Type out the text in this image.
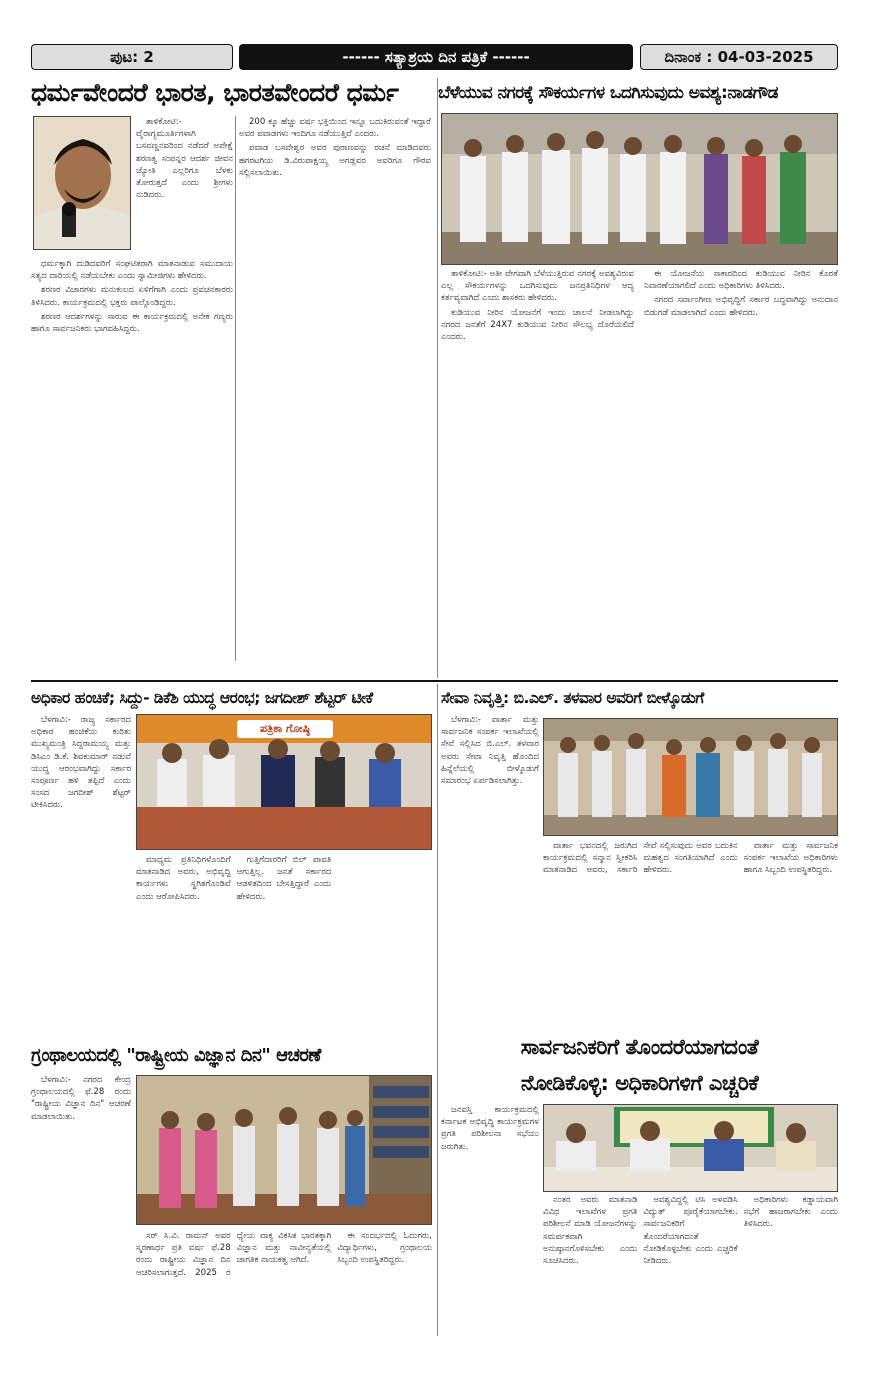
ಪುಟ: 2	------ ಸತ್ಯಾಶ್ರಯ ದಿನ ಪತ್ರಿಕೆ ------	ದಿನಾಂಕ : 04-03-2025
ಧರ್ಮವೇಂದರೆ ಭಾರತ, ಭಾರತವೇಂದರೆ ಧರ್ಮ

ತಾಳಿಕೋಟಿ:- ವೈರಾಗ್ಯಮೂರ್ತಿಗಳಾಗಿ ಬಸವಣ್ಣನವರಿಂದ ನಡೆದರೆ ಅಪೇಕ್ಷೆ ಶರಣತ್ವ ಸಂಪನ್ನರ ಆದರ್ಶ ಜೀವನ ಜ್ಯೋತಿ ಎಲ್ಲರಿಗೂ ಬೆಳಕು ತೋರುತ್ತದೆ ಎಂದು ಶ್ರೀಗಳು ನುಡಿದರು.

ಧರ್ಮಕ್ಕಾಗಿ ದುಡಿದವರಿಗೆ ಸಂಘಟಿತರಾಗಿ ಮಾತನಾಡುವ ಸಮುದಾಯ ಸತ್ಯದ ದಾರಿಯಲ್ಲಿ ನಡೆಯಬೇಕು ಎಂದು ಸ್ವಾಮೀಜಿಗಳು ಹೇಳಿದರು.

ಶರಣರ ವಿಚಾರಗಳು ಮನುಕುಲದ ಏಳಿಗೆಗಾಗಿ ಎಂದು ಪ್ರವಚನಕಾರರು ತಿಳಿಸಿದರು. ಕಾರ್ಯಕ್ರಮದಲ್ಲಿ ಭಕ್ತರು ಪಾಲ್ಗೊಂಡಿದ್ದರು.

ಶರಣರ ಆದರ್ಶಗಳನ್ನು ಸಾರುವ ಈ ಕಾರ್ಯಕ್ರಮದಲ್ಲಿ ಅನೇಕ ಗಣ್ಯರು ಹಾಗೂ ಸಾರ್ವಜನಿಕರು ಭಾಗವಹಿಸಿದ್ದರು.

200 ಕ್ಕೂ ಹೆಚ್ಚು ವರ್ಷ ಭಕ್ತಿಯಿಂದ ಇನ್ನೂ ಬದುಕಿರುವಂತೆ ಇದ್ದಾರೆ ಅವರ ಪವಾಡಗಳು ಇಂದಿಗೂ ನಡೆಯುತ್ತಿವೆ ಎಂದರು.

ಪವಾಡ ಬಸವೇಶ್ವರ ಅವರ ಪುರಾಣವನ್ನು ರಚನೆ ಮಾಡಿದವರು ಹಗರಟಗಿಯ ಡಿ.ವಿರುಪಾಕ್ಷಯ್ಯ ಅಗಡ್ಲವರ ಅವರಿಗೂ ಗೌರವ ಸಲ್ಲಿಸಲಾಯಿತು.

ಬೆಳೆಯುವ ನಗರಕ್ಕೆ ಸೌಕರ್ಯಗಳ ಒದಗಿಸುವುದು ಅವಶ್ಯ:ನಾಡಗೌಡ

ತಾಳಿಕೋಟಿ:- ಅತೀ ವೇಗವಾಗಿ ಬೆಳೆಯುತ್ತಿರುವ ನಗರಕ್ಕೆ ಅವಶ್ಯವಿರುವ ಎಲ್ಲ ಸೌಕರ್ಯಗಳನ್ನು ಒದಗಿಸುವುದು ಜನಪ್ರತಿನಿಧಿಗಳ ಆದ್ಯ ಕರ್ತವ್ಯವಾಗಿದೆ ಎಂದು ಶಾಸಕರು ಹೇಳಿದರು.

ಕುಡಿಯುವ ನೀರಿನ ಯೋಜನೆಗೆ ಇಂದು ಚಾಲನೆ ನೀಡಲಾಗಿದ್ದು ನಗರದ ಜನತೆಗೆ 24X7 ಕುಡಿಯುವ ನೀರಿನ ಸೌಲಭ್ಯ ದೊರೆಯಲಿದೆ ಎಂದರು.

ಈ ಯೋಜನೆಯ ಸಾಕಾರದಿಂದ ಕುಡಿಯುವ ನೀರಿನ ಕೊರತೆ ನಿವಾರಣೆಯಾಗಲಿದೆ ಎಂದು ಅಧಿಕಾರಿಗಳು ತಿಳಿಸಿದರು.

ನಗರದ ಸರ್ವಾಂಗೀಣ ಅಭಿವೃದ್ಧಿಗೆ ಸರ್ಕಾರ ಬದ್ಧವಾಗಿದ್ದು ಅನುದಾನ ಬಿಡುಗಡೆ ಮಾಡಲಾಗಿದೆ ಎಂದು ಹೇಳಿದರು.

ಅಧಿಕಾರ ಹಂಚಿಕೆ; ಸಿದ್ದು- ಡಿಕೆಶಿ ಯುದ್ಧ ಆರಂಭ; ಜಗದೀಶ್ ಶೆಟ್ಟರ್ ಟೀಕೆ
ಪತ್ರಿಕಾ ಗೋಷ್ಠಿ

ಬೆಳಗಾವಿ:- ರಾಜ್ಯ ಸರ್ಕಾರದ ಅಧಿಕಾರ ಹಂಚಿಕೆಯ ಕುರಿತು ಮುಖ್ಯಮಂತ್ರಿ ಸಿದ್ದರಾಮಯ್ಯ ಮತ್ತು ಡಿಸಿಎಂ ಡಿ.ಕೆ. ಶಿವಕುಮಾರ್ ನಡುವೆ ಯುದ್ಧ ಆರಂಭವಾಗಿದ್ದು ಸರ್ಕಾರ ಸಂಪೂರ್ಣ ಹಳಿ ತಪ್ಪಿದೆ ಎಂದು ಸಂಸದ ಜಗದೀಶ್ ಶೆಟ್ಟರ್ ಟೀಕಿಸಿದರು.

ಮಾಧ್ಯಮ ಪ್ರತಿನಿಧಿಗಳೊಂದಿಗೆ ಮಾತನಾಡಿದ ಅವರು, ಅಭಿವೃದ್ಧಿ ಕಾರ್ಯಗಳು ಸ್ಥಗಿತಗೊಂಡಿವೆ ಎಂದು ಆರೋಪಿಸಿದರು.

ಗುತ್ತಿಗೆದಾರರಿಗೆ ಬಿಲ್ ಪಾವತಿ ಆಗುತ್ತಿಲ್ಲ. ಜನತೆ ಸರ್ಕಾರದ ಆಡಳಿತದಿಂದ ಬೇಸತ್ತಿದ್ದಾರೆ ಎಂದು ಹೇಳಿದರು.

ಸೇವಾ ನಿವೃತ್ತಿ: ಬಿ.ಎಲ್. ತಳವಾರ ಅವರಿಗೆ ಬೀಳ್ಕೊಡುಗೆ

ಬೆಳಗಾವಿ:- ವಾರ್ತಾ ಮತ್ತು ಸಾರ್ವಜನಿಕ ಸಂಪರ್ಕ ಇಲಾಖೆಯಲ್ಲಿ ಸೇವೆ ಸಲ್ಲಿಸಿದ ಬಿ.ಎಲ್. ತಳವಾರ ಅವರು ಸೇವಾ ನಿವೃತ್ತಿ ಹೊಂದಿದ ಹಿನ್ನೆಲೆಯಲ್ಲಿ ಬೀಳ್ಕೊಡುಗೆ ಸಮಾರಂಭ ಏರ್ಪಡಿಸಲಾಗಿತ್ತು.

ವಾರ್ತಾ ಭವನದಲ್ಲಿ ಜರುಗಿದ ಕಾರ್ಯಕ್ರಮದಲ್ಲಿ ಸನ್ಮಾನ ಸ್ವೀಕರಿಸಿ ಮಾತನಾಡಿದ ಅವರು, ಸರ್ಕಾರಿ ಸೇವೆ ಸಲ್ಲಿಸುವುದು ಅವರ ಬದುಕಿನ ಮಹತ್ವದ ಸಂಗತಿಯಾಗಿದೆ ಎಂದು ಹೇಳಿದರು.

ವಾರ್ತಾ ಮತ್ತು ಸಾರ್ವಜನಿಕ ಸಂಪರ್ಕ ಇಲಾಖೆಯ ಅಧಿಕಾರಿಗಳು ಹಾಗೂ ಸಿಬ್ಬಂದಿ ಉಪಸ್ಥಿತರಿದ್ದರು.

ಗ್ರಂಥಾಲಯದಲ್ಲಿ "ರಾಷ್ಟ್ರೀಯ ವಿಜ್ಞಾನ ದಿನ" ಆಚರಣೆ

ಬೆಳಗಾವಿ:- ನಗರದ ಕೇಂದ್ರ ಗ್ರಂಥಾಲಯದಲ್ಲಿ ಫೆ.28 ರಂದು "ರಾಷ್ಟ್ರೀಯ ವಿಜ್ಞಾನ ದಿನ" ಆಚರಣೆ ಮಾಡಲಾಯಿತು.

ಸರ್ ಸಿ.ವಿ. ರಾಮನ್ ಅವರ ಸ್ಮರಣಾರ್ಥ ಪ್ರತಿ ವರ್ಷ ಫೆ.28 ರಂದು ರಾಷ್ಟ್ರೀಯ ವಿಜ್ಞಾನ ದಿನ ಆಚರಿಸಲಾಗುತ್ತದೆ. 2025 ರ ಧ್ಯೇಯ ವಾಕ್ಯ ವಿಕಸಿತ ಭಾರತಕ್ಕಾಗಿ ವಿಜ್ಞಾನ ಮತ್ತು ನಾವೀನ್ಯತೆಯಲ್ಲಿ ಜಾಗತಿಕ ನಾಯಕತ್ವ ಆಗಿದೆ.

ಈ ಸಂದರ್ಭದಲ್ಲಿ ಓದುಗರು, ವಿದ್ಯಾರ್ಥಿಗಳು, ಗ್ರಂಥಾಲಯ ಸಿಬ್ಬಂದಿ ಉಪಸ್ಥಿತರಿದ್ದರು.

ಸಾರ್ವಜನಿಕರಿಗೆ ತೊಂದರೆಯಾಗದಂತೆ
ನೋಡಿಕೊಳ್ಳಿ: ಅಧಿಕಾರಿಗಳಿಗೆ ಎಚ್ಚರಿಕೆ

ಜನವಸ್ತಿ ಕಾರ್ಯಕ್ರಮದಲ್ಲಿ ಕರ್ನಾಟಕ ಅಭಿವೃದ್ಧಿ ಕಾರ್ಯಕ್ರಮಗಳ ಪ್ರಗತಿ ಪರಿಶೀಲನಾ ಸಭೆಯು ಜರುಗಿತು.

ನಂತರ ಅವರು ಮಾತನಾಡಿ ವಿವಿಧ ಇಲಾಖೆಗಳ ಪ್ರಗತಿ ಪರಿಶೀಲನೆ ಮಾಡಿ ಯೋಜನೆಗಳನ್ನು ಸಮರ್ಪಕವಾಗಿ ಅನುಷ್ಠಾನಗೊಳಿಸಬೇಕು ಎಂದು ಸೂಚಿಸಿದರು.

ಅವಶ್ಯವಿದ್ದಲ್ಲಿ ಟಿಸಿ ಅಳವಡಿಸಿ ವಿದ್ಯುತ್ ಪೂರೈಕೆಯಾಗಬೇಕು. ಸಾರ್ವಜನಿಕರಿಗೆ ತೊಂದರೆಯಾಗದಂತೆ ನೋಡಿಕೊಳ್ಳಬೇಕು ಎಂದು ಎಚ್ಚರಿಕೆ ನೀಡಿದರು.

ಅಧಿಕಾರಿಗಳು ಕಡ್ಡಾಯವಾಗಿ ಸಭೆಗೆ ಹಾಜರಾಗಬೇಕು ಎಂದು ತಿಳಿಸಿದರು.
